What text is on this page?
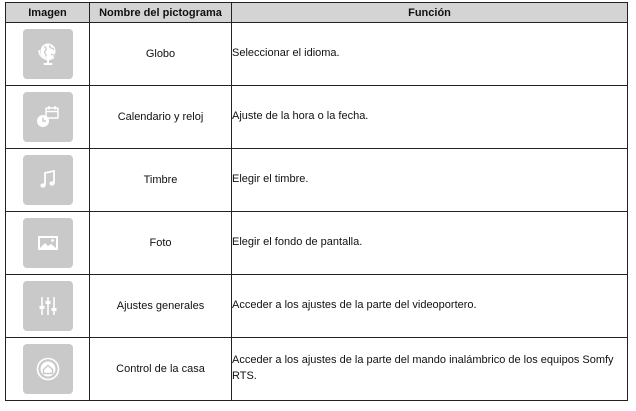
Imagen	Nombre del pictograma	Función

	Globo	Seleccionar el idioma.

	Calendario y reloj	Ajuste de la hora o la fecha.

	Timbre	Elegir el timbre.

	Foto	Elegir el fondo de pantalla.

	Ajustes generales	Acceder a los ajustes de la parte del videoportero.

	Control de la casa	Acceder a los ajustes de la parte del mando inalámbrico de los equipos Somfy RTS.
